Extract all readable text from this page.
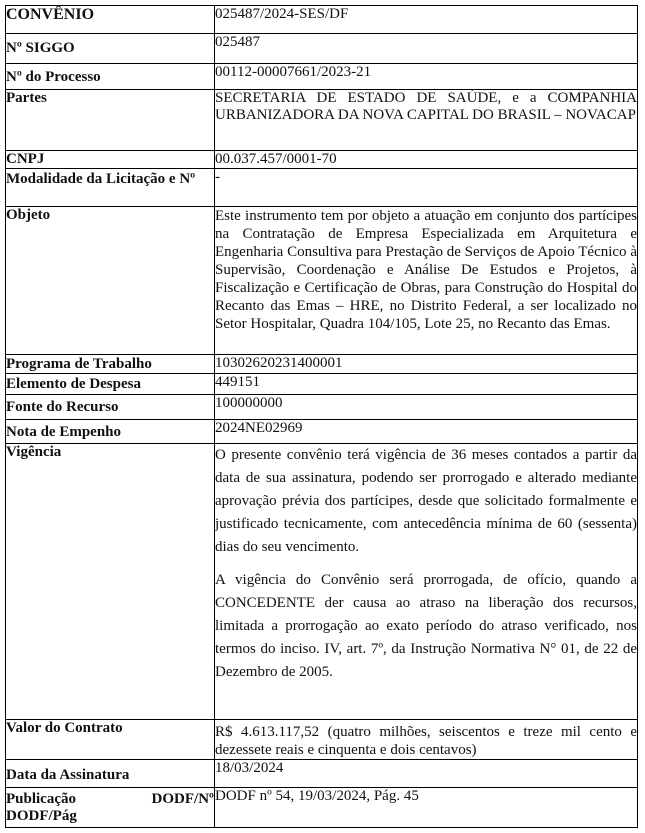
CONVÊNIO	025487/2024-SES/DF
Nº SIGGO	025487
Nº do Processo	00112-00007661/2023-21
Partes	SECRETARIA DE ESTADO DE SAÚDE, e a COMPANHIA URBANIZADORA DA NOVA CAPITAL DO BRASIL – NOVACAP
CNPJ	00.037.457/0001-70
Modalidade da Licitação e Nº	-
Objeto	Este instrumento tem por objeto a atuação em conjunto dos partícipes na Contratação de Empresa Especializada em Arquitetura e Engenharia Consultiva para Prestação de Serviços de Apoio Técnico à Supervisão, Coordenação e Análise De Estudos e Projetos, à Fiscalização e Certificação de Obras, para Construção do Hospital do Recanto das Emas – HRE, no Distrito Federal, a ser localizado no Setor Hospitalar, Quadra 104/105, Lote 25, no Recanto das Emas.
Programa de Trabalho	10302620231400001
Elemento de Despesa	449151
Fonte do Recurso	100000000
Nota de Empenho	2024NE02969
Vigência	O presente convênio terá vigência de 36 meses contados a partir da data de sua assinatura, podendo ser prorrogado e alterado mediante aprovação prévia dos partícipes, desde que solicitado formalmente e justificado tecnicamente, com antecedência mínima de 60 (sessenta) dias do seu vencimento.

A vigência do Convênio será prorrogada, de ofício, quando a CONCEDENTE der causa ao atraso na liberação dos recursos, limitada a prorrogação ao exato período do atraso verificado, nos termos do inciso. IV, art. 7º, da Instrução Normativa N° 01, de 22 de Dezembro de 2005.

Valor do Contrato	R$ 4.613.117,52 (quatro milhões, seiscentos e treze mil cento e dezessete reais e cinquenta e dois centavos)
Data da Assinatura	18/03/2024

Publicação DODF/Nº
DODF/Pág	DODF nº 54, 19/03/2024, Pág. 45
